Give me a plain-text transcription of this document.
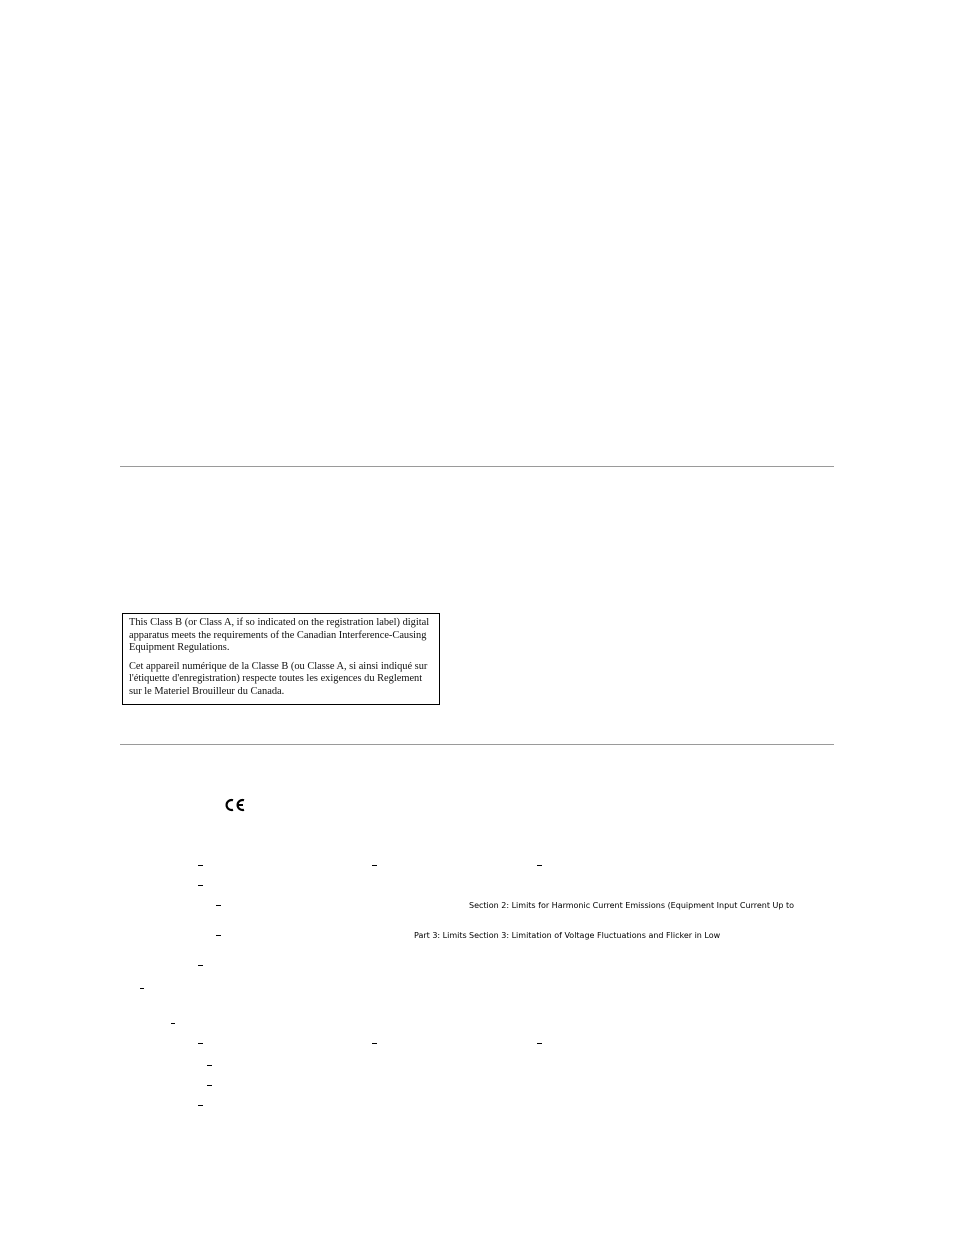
This Class B (or Class A, if so indicated on the registration label) digital apparatus meets the requirements of the Canadian Interference-Causing Equipment Regulations.

Cet appareil numérique de la Classe B (ou Classe A, si ainsi indiqué sur l'étiquette d'enregistration) respecte toutes les exigences du Reglement sur le Materiel Brouilleur du Canada.

Section 2: Limits for Harmonic Current Emissions (Equipment Input Current Up to
Part 3: Limits Section 3: Limitation of Voltage Fluctuations and Flicker in Low
